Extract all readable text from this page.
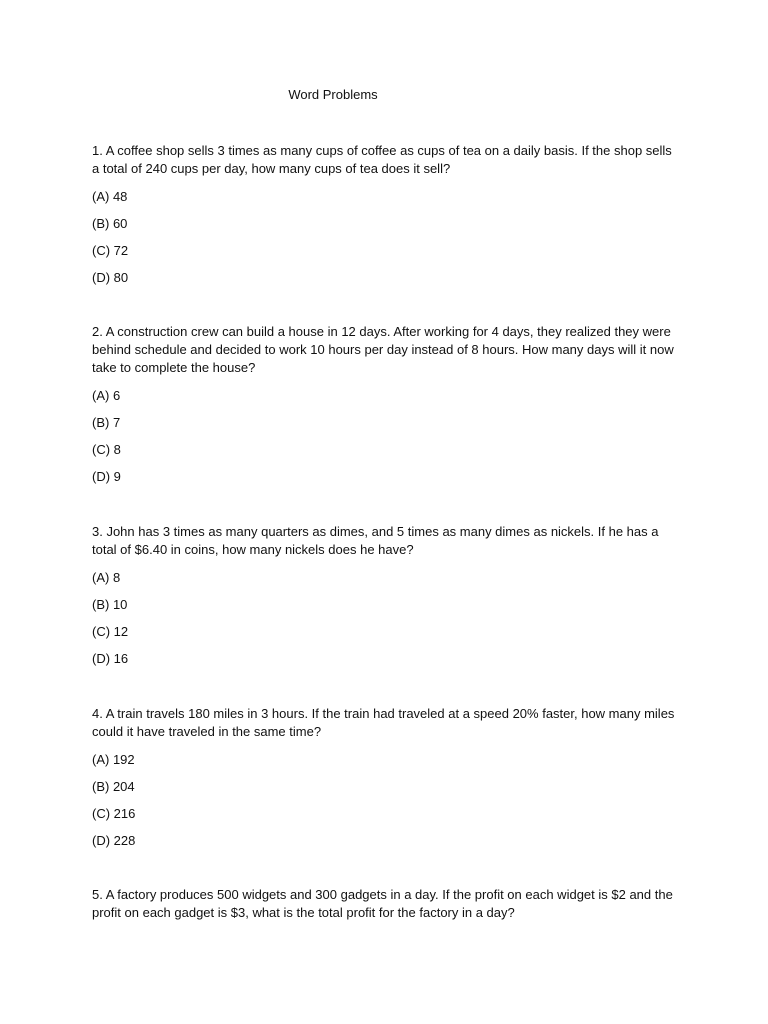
Word Problems

1. A coffee shop sells 3 times as many cups of coffee as cups of tea on a daily basis. If the shop sells a total of 240 cups per day, how many cups of tea does it sell?

(A) 48
(B) 60
(C) 72
(D) 80

2. A construction crew can build a house in 12 days. After working for 4 days, they realized they were behind schedule and decided to work 10 hours per day instead of 8 hours. How many days will it now take to complete the house?

(A) 6
(B) 7
(C) 8
(D) 9

3. John has 3 times as many quarters as dimes, and 5 times as many dimes as nickels. If he has a total of $6.40 in coins, how many nickels does he have?

(A) 8
(B) 10
(C) 12
(D) 16

4. A train travels 180 miles in 3 hours. If the train had traveled at a speed 20% faster, how many miles could it have traveled in the same time?

(A) 192
(B) 204
(C) 216
(D) 228

5. A factory produces 500 widgets and 300 gadgets in a day. If the profit on each widget is $2 and the profit on each gadget is $3, what is the total profit for the factory in a day?
